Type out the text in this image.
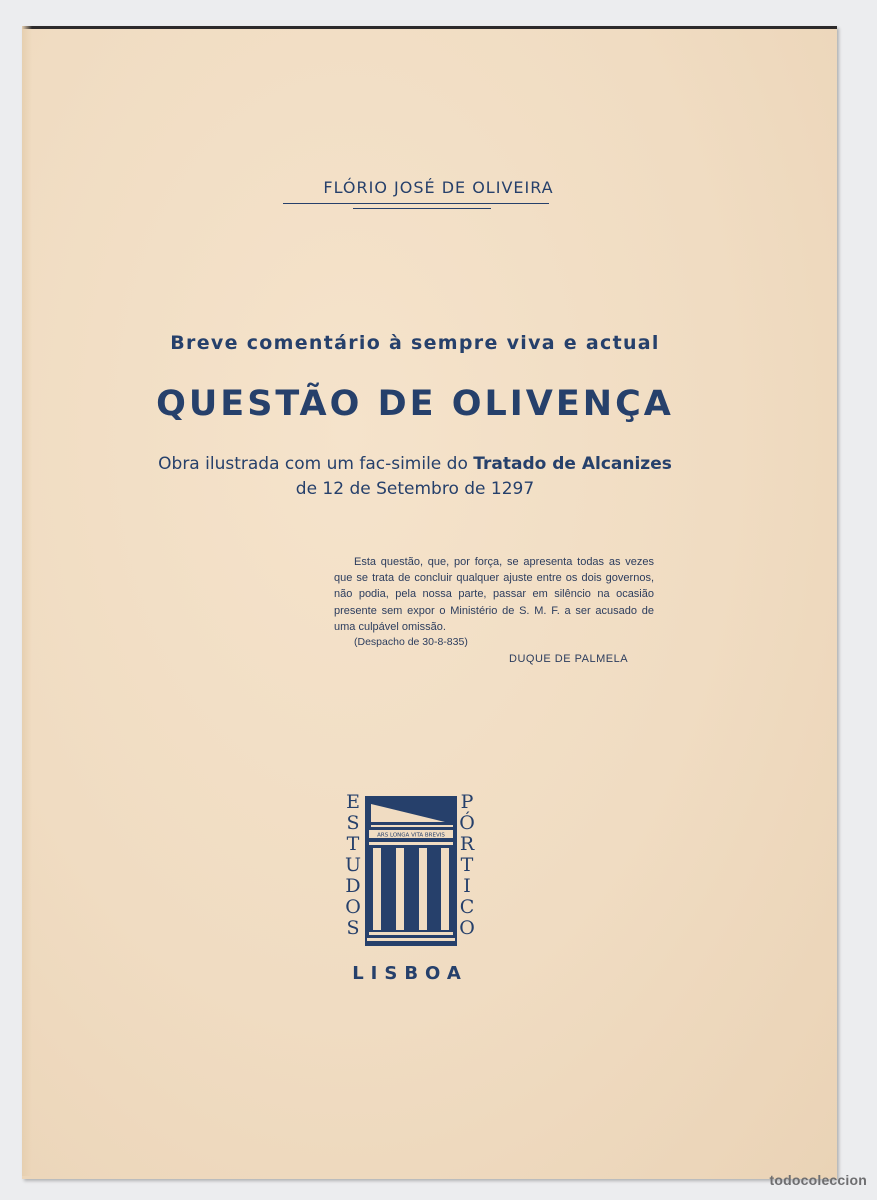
FLÓRIO JOSÉ DE OLIVEIRA
Breve comentário à sempre viva e actual
QUESTÃO DE OLIVENÇA
Obra ilustrada com um fac-simile do Tratado de Alcanizes
de 12 de Setembro de 1297
Esta questão, que, por força, se apresenta todas as vezes que se trata de concluir qualquer ajuste entre os dois governos, não podia, pela nossa parte, passar em silêncio na ocasião presente sem expor o Ministério de S. M. F. a ser acusado de uma culpável omissão.
(Despacho de 30-8-835)
DUQUE DE PALMELA
E
S
T
U
D
O
S
P
Ó
R
T
I
C
O
ARS LONGA VITA BREVIS
LISBOA
todocoleccion
